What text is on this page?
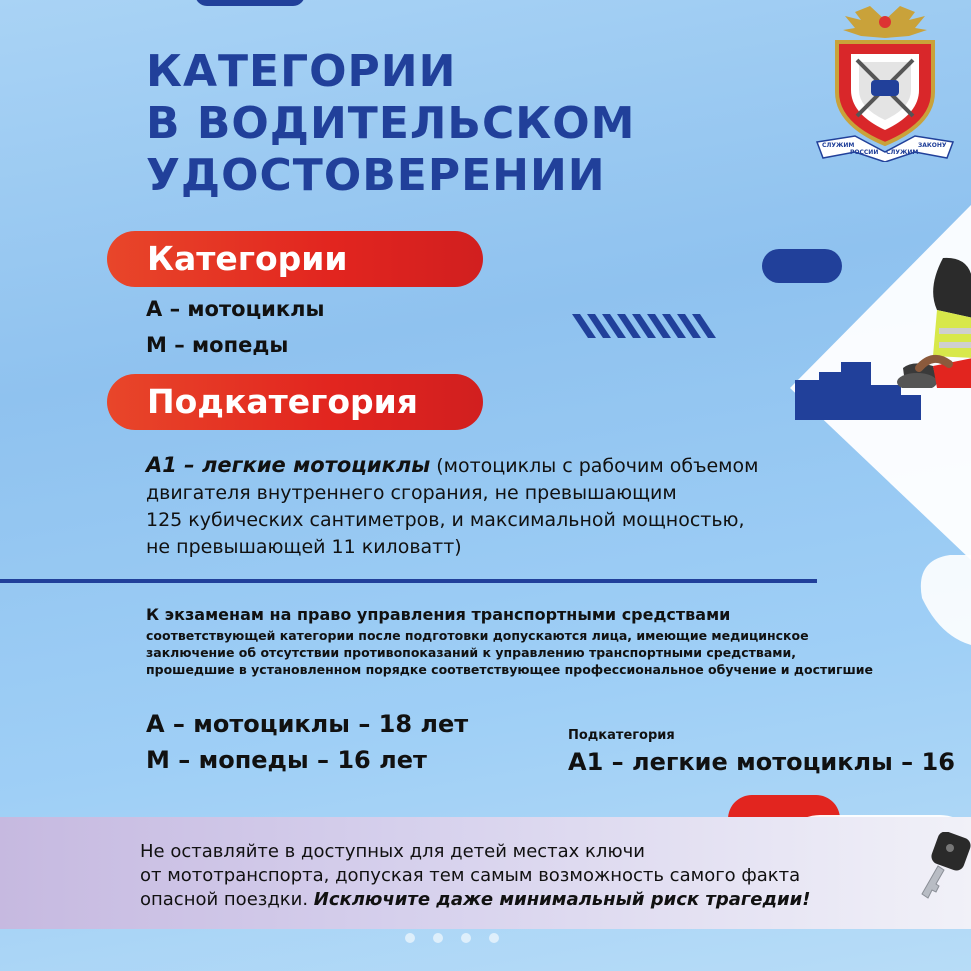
СЛУЖИМ
РОССИИ СЛУЖИМ
ЗАКОНУ
КАТЕГОРИИ
В ВОДИТЕЛЬСКОМ
УДОСТОВЕРЕНИИ
Категории
А – мотоциклы
М – мопеды
Подкатегория

А1 – легкие мотоциклы (мотоциклы с рабочим объемом
двигателя внутреннего сгорания, не превышающим
125 кубических сантиметров, и максимальной мощностью,
не превышающей 11 киловатт)

К экзаменам на право управления транспортными средствами
соответствующей категории после подготовки допускаются лица, имеющие медицинское
заключение об отсутствии противопоказаний к управлению транспортными средствами,
прошедшие в установленном порядке соответствующее профессиональное обучение и достигшие
А – мотоциклы – 18 лет
М – мопеды – 16 лет
Подкатегория
А1 – легкие мотоциклы – 16

Не оставляйте в доступных для детей местах ключи
от мототранспорта, допуская тем самым возможность самого факта
опасной поездки. Исключите даже минимальный риск трагедии!
